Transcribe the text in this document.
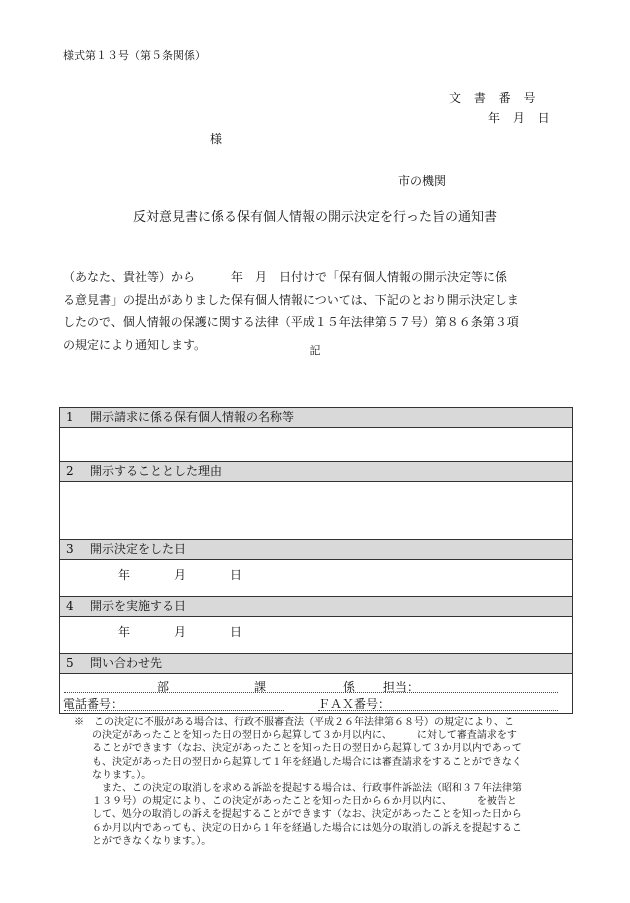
様式第１３号（第５条関係）
文 書 番 号
年 月 日
様
市の機関
反対意見書に係る保有個人情報の開示決定を行った旨の通知書
（あなた、貴社等）から　　　年　月　日付けで「保有個人情報の開示決定等に係
る意見書」の提出がありました保有個人情報については、下記のとおり開示決定しま
したので、個人情報の保護に関する法律（平成１５年法律第５７号）第８６条第３項
の規定により通知します。	記
1 開示請求に係る保有個人情報の名称等
2 開示することとした理由
3 開示決定をした日
年	月	日
4 開示を実施する日
年	月	日
5 問い合わせ先
部	課	係 担当：
電話番号：	ＦＡＸ番号：
※　 この決定に不服がある場合は、行政不服審査法（平成２６年法律第６８号）の規定により、こ
の決定があったことを知った日の翌日から起算して３か月以内に、　　　に対して審査請求をす
ることができます（なお、決定があったことを知った日の翌日から起算して３か月以内であって
も、決定があった日の翌日から起算して１年を経過した場合には審査請求をすることができなく
なります。）。
　また、この決定の取消しを求める訴訟を提起する場合は、行政事件訴訟法（昭和３７年法律第
１３９号）の規定により、この決定があったことを知った日から６か月以内に、　　　を被告と
して、処分の取消しの訴えを提起することができます（なお、決定があったことを知った日から
６か月以内であっても、決定の日から１年を経過した場合には処分の取消しの訴えを提起するこ
とができなくなります。）。
